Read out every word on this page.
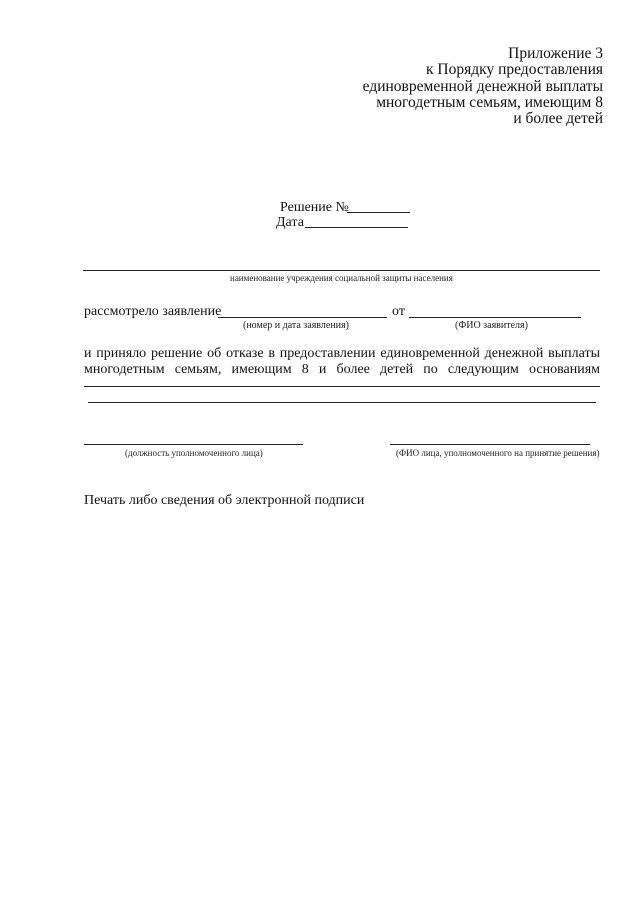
Приложение 3
к Порядку предоставления
единовременной денежной выплаты
многодетным семьям, имеющим 8
и более детей
Решение №
Дата
наименование учреждения социальной защиты населения
рассмотрело заявление	от
(номер и дата заявления)	(ФИО заявителя)
и приняло решение об отказе в предоставлении единовременной денежной выплаты
многодетным семьям, имеющим 8 и более детей по следующим основаниям
(должность уполномоченного лица)	(ФИО лица, уполномоченного на принятие решения)
Печать либо сведения об электронной подписи
